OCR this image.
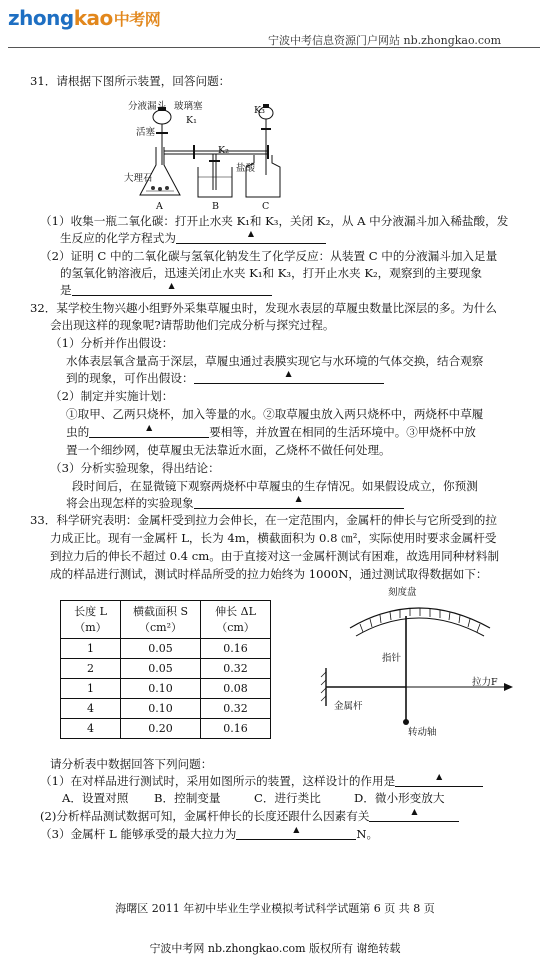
zhongkao中考网
宁波中考信息资源门户网站 nb.zhongkao.com
31．请根据下图所示装置，回答问题：
分液漏斗 玻璃塞
活塞
K₁
K₂
K₃
大理石
盐酸
A	B	C
（1）收集一瓶二氧化碳：打开止水夹 K₁和 K₃，关闭 K₂，从 A 中分液漏斗加入稀盐酸，发
生反应的化学方程式为	▲
（2）证明 C 中的二氧化碳与氢氧化钠发生了化学反应：从装置 C 中的分液漏斗加入足量
的氢氧化钠溶液后，迅速关闭止水夹 K₁和 K₃，打开止水夹 K₂，观察到的主要现象
是	▲
32．某学校生物兴趣小组野外采集草履虫时，发现水表层的草履虫数量比深层的多。为什么
会出现这样的现象呢?请帮助他们完成分析与探究过程。
（1）分析并作出假设：
水体表层氧含量高于深层，草履虫通过表膜实现它与水环境的气体交换，结合观察
到的现象，可作出假设：	▲
（2）制定并实施计划：
①取甲、乙两只烧杯，加入等量的水。②取草履虫放入两只烧杯中，两烧杯中草履
虫的	▲	要相等，并放置在相同的生活环境中。③甲烧杯中放
置一个细纱网，使草履虫无法靠近水面，乙烧杯不做任何处理。
（3）分析实验现象，得出结论：
段时间后，在显微镜下观察两烧杯中草履虫的生存情况。如果假设成立，你预测
将会出现怎样的实验现象	▲
33．科学研究表明：金属杆受到拉力会伸长，在一定范围内，金属杆的伸长与它所受到的拉
力成正比。现有一金属杆 L，长为 4m，横截面积为 0.8 ㎝²，实际使用时要求金属杆受
到拉力后的伸长不超过 0.4 cm。由于直接对这一金属杆测试有困难，故选用同种材料制
成的样品进行测试，测试时样品所受的拉力始终为 1000N，通过测试取得数据如下：
长度 L
（m）	横截面积 S
（cm²）	伸长 ΔL
（cm）
1	0.05	0.16
2	0.05	0.32
1	0.10	0.08
4	0.10	0.32
4	0.20	0.16
刻度盘
指针
拉力F
金属杆
转动轴
请分析表中数据回答下列问题：
（1）在对样品进行测试时，采用如图所示的装置，这样设计的作用是	▲
A．设置对照 B．控制变量	C．进行类比	D．微小形变放大
(2)分析样品测试数据可知，金属杆伸长的长度还跟什么因素有关	▲
（3）金属杆 L 能够承受的最大拉力为	▲	N。
海曙区 2011 年初中毕业生学业模拟考试科学试题第 6 页 共 8 页
宁波中考网 nb.zhongkao.com 版权所有 谢绝转载
